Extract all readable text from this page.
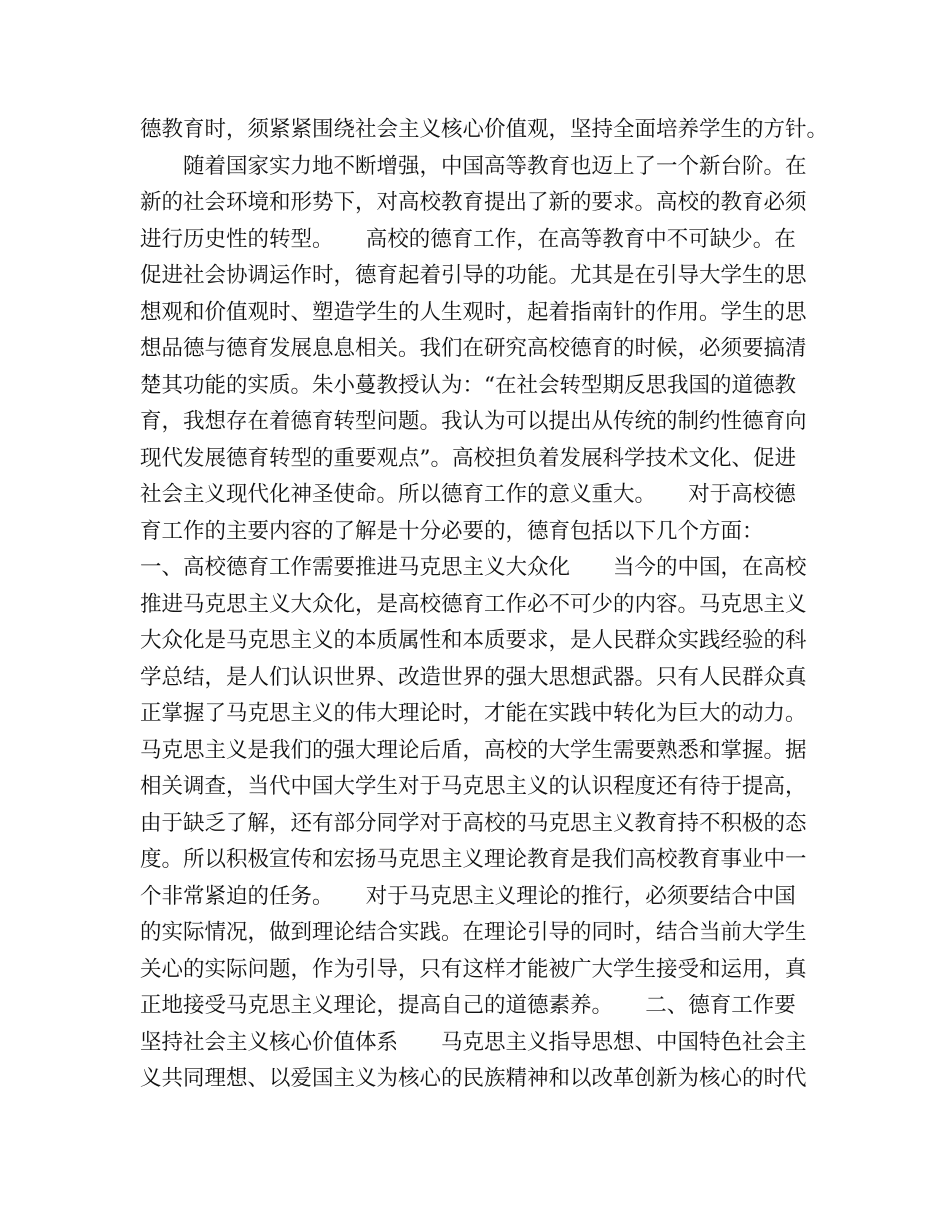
德教育时，须紧紧围绕社会主义核心价值观，坚持全面培养学生的方针。
　　随着国家实力地不断增强，中国高等教育也迈上了一个新台阶。在
新的社会环境和形势下，对高校教育提出了新的要求。高校的教育必须
进行历史性的转型。　　高校的德育工作，在高等教育中不可缺少。在
促进社会协调运作时，德育起着引导的功能。尤其是在引导大学生的思
想观和价值观时、塑造学生的人生观时，起着指南针的作用。学生的思
想品德与德育发展息息相关。我们在研究高校德育的时候，必须要搞清
楚其功能的实质。朱小蔓教授认为：“在社会转型期反思我国的道德教
育，我想存在着德育转型问题。我认为可以提出从传统的制约性德育向
现代发展德育转型的重要观点”。高校担负着发展科学技术文化、促进
社会主义现代化神圣使命。所以德育工作的意义重大。　　对于高校德
育工作的主要内容的了解是十分必要的，德育包括以下几个方面：
一、高校德育工作需要推进马克思主义大众化　　当今的中国，在高校
推进马克思主义大众化，是高校德育工作必不可少的内容。马克思主义
大众化是马克思主义的本质属性和本质要求，是人民群众实践经验的科
学总结，是人们认识世界、改造世界的强大思想武器。只有人民群众真
正掌握了马克思主义的伟大理论时，才能在实践中转化为巨大的动力。
马克思主义是我们的强大理论后盾，高校的大学生需要熟悉和掌握。据
相关调查，当代中国大学生对于马克思主义的认识程度还有待于提高，
由于缺乏了解，还有部分同学对于高校的马克思主义教育持不积极的态
度。所以积极宣传和宏扬马克思主义理论教育是我们高校教育事业中一
个非常紧迫的任务。　　对于马克思主义理论的推行，必须要结合中国
的实际情况，做到理论结合实践。在理论引导的同时，结合当前大学生
关心的实际问题，作为引导，只有这样才能被广大学生接受和运用，真
正地接受马克思主义理论，提高自己的道德素养。　　二、德育工作要
坚持社会主义核心价值体系　　马克思主义指导思想、中国特色社会主
义共同理想、以爱国主义为核心的民族精神和以改革创新为核心的时代
